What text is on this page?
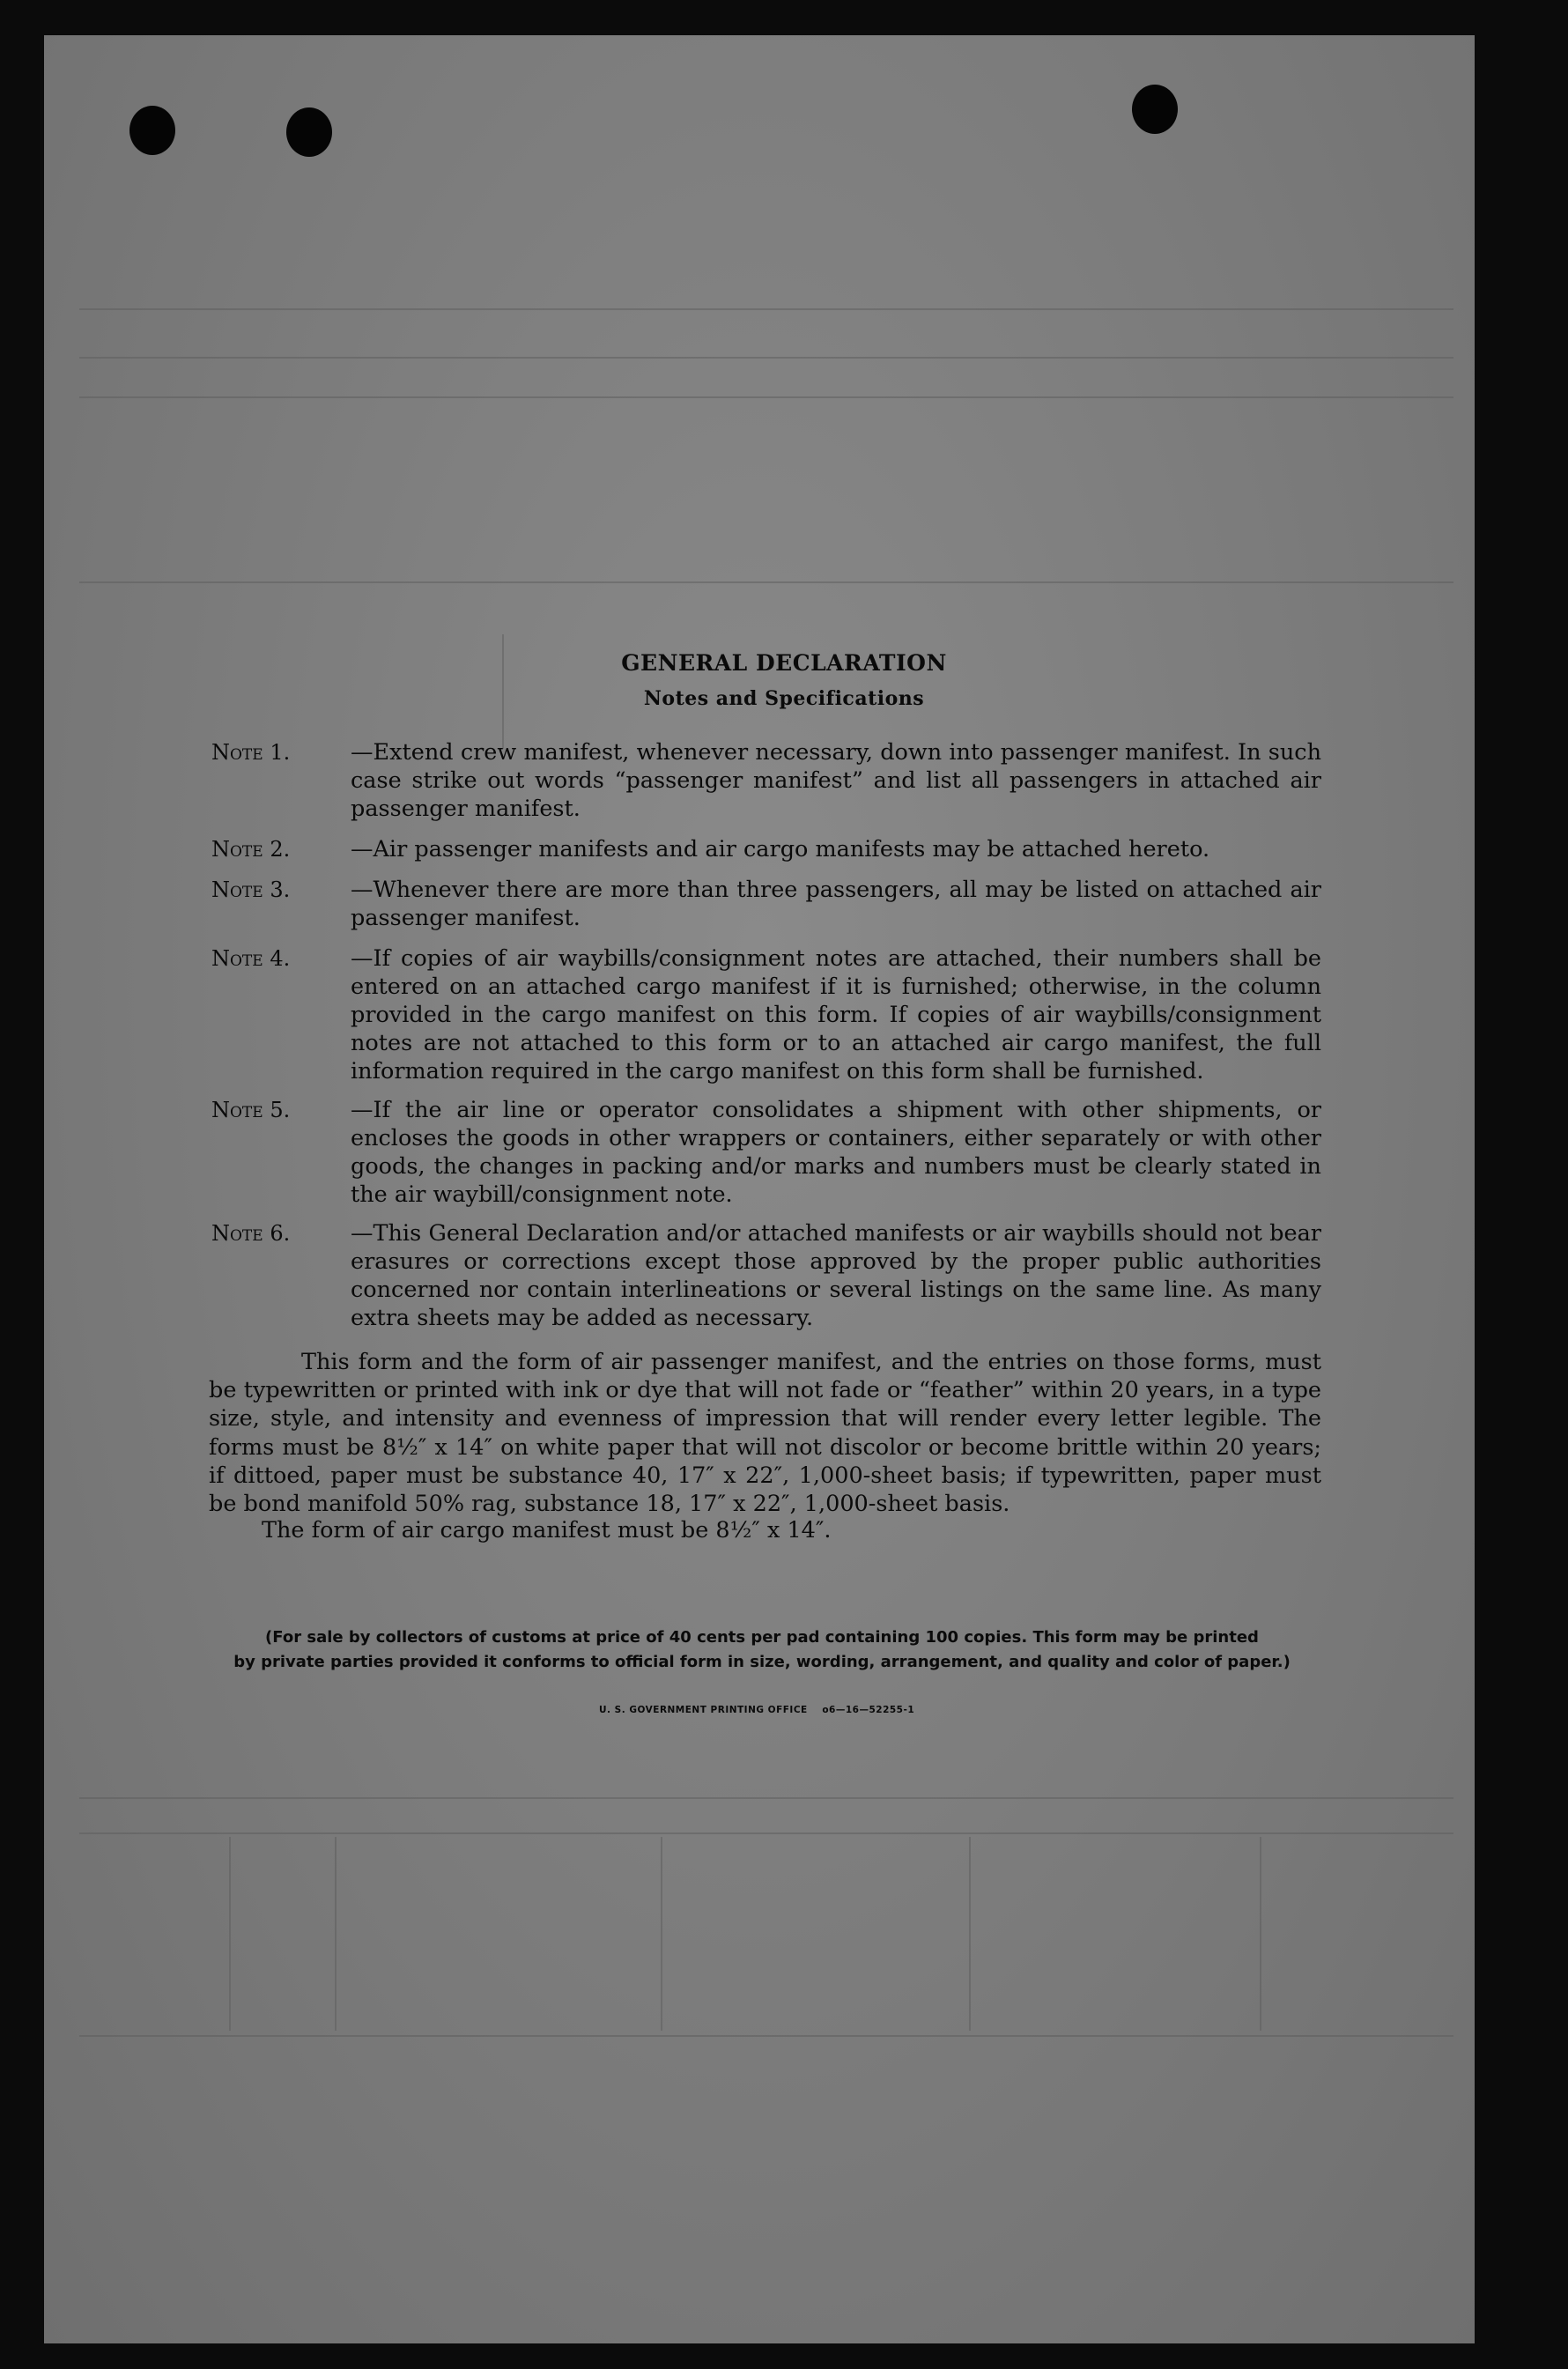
GENERAL DECLARATION
Notes and Specifications
Note 1.	—Extend crew manifest, whenever necessary, down into passenger manifest. In such case strike out words “passenger manifest” and list all passengers in attached air passenger manifest.
Note 2.	—Air passenger manifests and air cargo manifests may be attached hereto.
Note 3.	—Whenever there are more than three passengers, all may be listed on attached air passenger manifest.
Note 4.	—If copies of air waybills/consignment notes are attached, their numbers shall be entered on an attached cargo manifest if it is furnished; otherwise, in the column provided in the cargo manifest on this form. If copies of air waybills/consignment notes are not attached to this form or to an attached air cargo manifest, the full information required in the cargo manifest on this form shall be furnished.
Note 5.	—If the air line or operator consolidates a shipment with other shipments, or encloses the goods in other wrappers or containers, either separately or with other goods, the changes in packing and/or marks and numbers must be clearly stated in the air waybill/consignment note.
Note 6.	—This General Declaration and/or attached manifests or air waybills should not bear erasures or corrections except those approved by the proper public authorities concerned nor contain interlineations or several listings on the same line. As many extra sheets may be added as necessary.
This form and the form of air passenger manifest, and the entries on those forms, must be typewritten or printed with ink or dye that will not fade or “feather” within 20 years, in a type size, style, and intensity and evenness of impression that will render every letter legible. The forms must be 8½″ x 14″ on white paper that will not discolor or become brittle within 20 years; if dittoed, paper must be substance 40, 17″ x 22″, 1,000-sheet basis; if typewritten, paper must be bond manifold 50% rag, substance 18, 17″ x 22″, 1,000-sheet basis.
The form of air cargo manifest must be 8½″ x 14″.
(For sale by collectors of customs at price of 40 cents per pad containing 100 copies. This form may be printed
by private parties provided it conforms to official form in size, wording, arrangement, and quality and color of paper.)
U. S. GOVERNMENT PRINTING OFFICE    o6—16—52255-1
